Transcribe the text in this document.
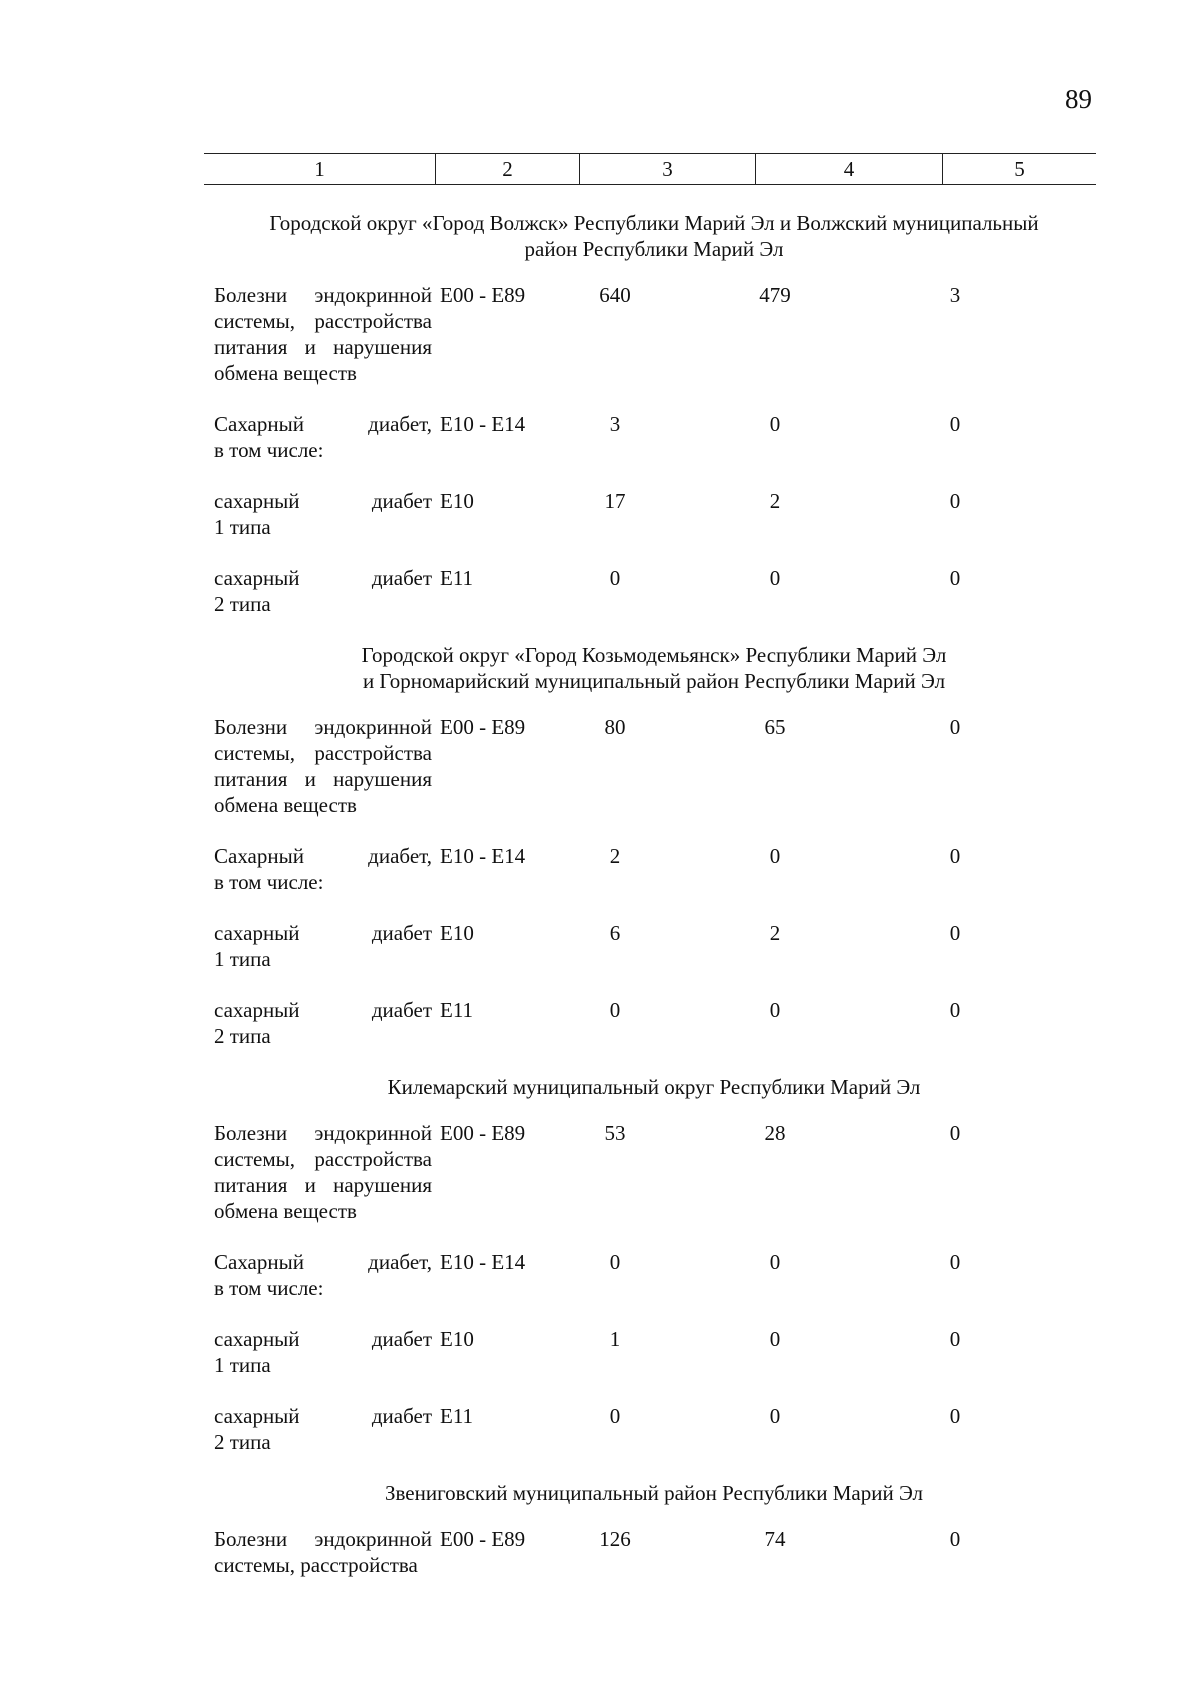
89
1	2	3	4	5
Городской округ «Город Волжск» Республики Марий Эл и Волжский муниципальный
район Республики Марий Эл
Болезни эндокринной
системы, расстройства
питания и нарушения
обмена веществ
E00 - E89	640	479	3
Сахарный диабет,
в том числе:
E10 - E14	3	0	0
сахарный диабет
1 типа
E10	17	2	0
сахарный диабет
2 типа
E11	0	0	0
Городской округ «Город Козьмодемьянск» Республики Марий Эл
и Горномарийский муниципальный район Республики Марий Эл
Болезни эндокринной
системы, расстройства
питания и нарушения
обмена веществ
E00 - E89	80	65	0
Сахарный диабет,
в том числе:
E10 - E14	2	0	0
сахарный диабет
1 типа
E10	6	2	0
сахарный диабет
2 типа
E11	0	0	0
Килемарский муниципальный округ Республики Марий Эл
Болезни эндокринной
системы, расстройства
питания и нарушения
обмена веществ
E00 - E89	53	28	0
Сахарный диабет,
в том числе:
E10 - E14	0	0	0
сахарный диабет
1 типа
E10	1	0	0
сахарный диабет
2 типа
E11	0	0	0
Звениговский муниципальный район Республики Марий Эл
Болезни эндокринной
системы, расстройства
E00 - E89	126	74	0
